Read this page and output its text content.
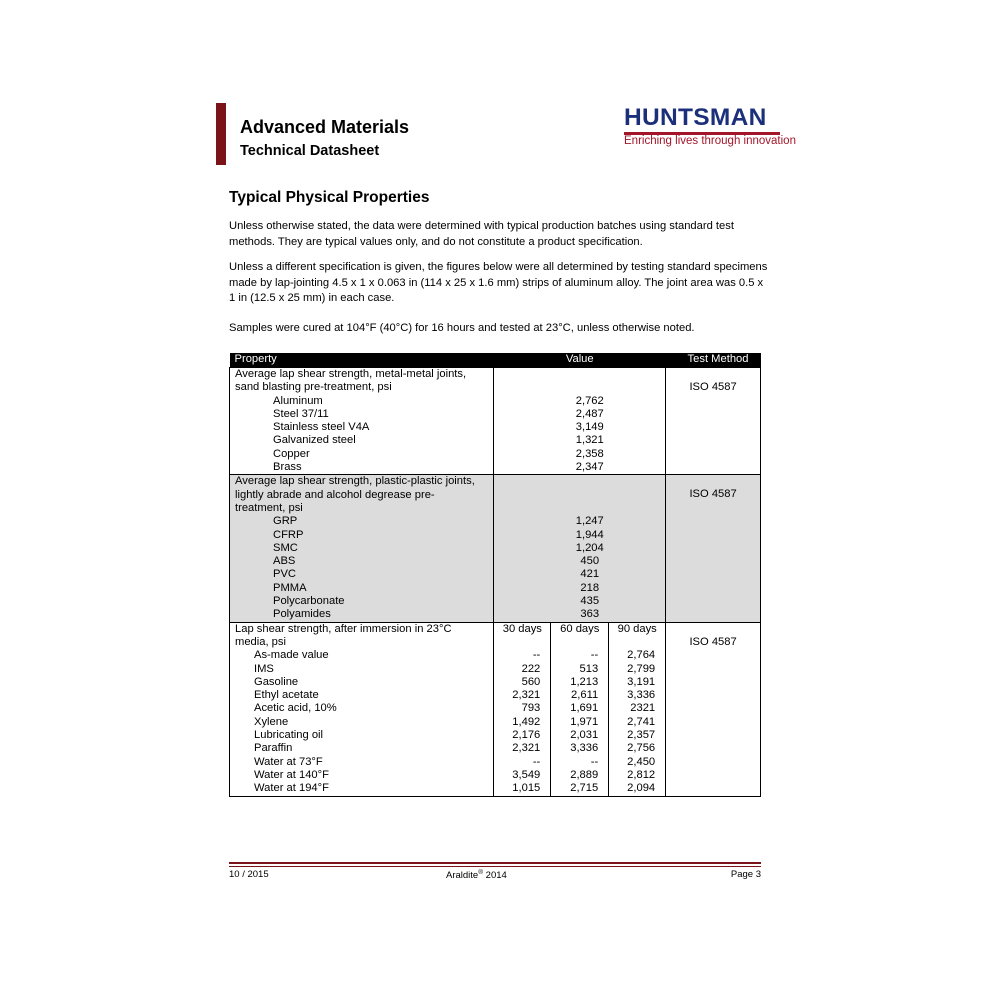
Advanced Materials
Technical Datasheet
HUNTSMAN
Enriching lives through innovation
Typical Physical Properties
Unless otherwise stated, the data were determined with typical production batches using standard test methods. They are typical values only, and do not constitute a product specification.
Unless a different specification is given, the figures below were all determined by testing standard specimens made by lap-jointing 4.5 x 1 x 0.063 in (114 x 25 x 1.6 mm) strips of aluminum alloy. The joint area was 0.5 x 1 in (12.5 x 25 mm) in each case.
Samples were cured at 104°F (40°C) for 16 hours and tested at 23°C, unless otherwise noted.
Property	Value			Test Method
Average lap shear strength, metal-metal joints,				ISO 4587
sand blasting pre-treatment, psi				
Aluminum	2,762			
Steel 37/11	2,487			
Stainless steel V4A	3,149			
Galvanized steel	1,321			
Copper	2,358			
Brass	2,347			
Average lap shear strength, plastic-plastic joints,				ISO 4587
lightly abrade and alcohol degrease pre-				
treatment, psi				
GRP	1,247			
CFRP	1,944			
SMC	1,204			
ABS	450			
PVC	421			
PMMA	218			
Polycarbonate	435			
Polyamides	363			
Lap shear strength, after immersion in 23°C	30 days	60 days	90 days	ISO 4587
media, psi				
As-made value	--	--	2,764	
IMS	222	513	2,799	
Gasoline	560	1,213	3,191	
Ethyl acetate	2,321	2,611	3,336	
Acetic acid, 10%	793	1,691	2321	
Xylene	1,492	1,971	2,741	
Lubricating oil	2,176	2,031	2,357	
Paraffin	2,321	3,336	2,756	
Water at 73°F	--	--	2,450	
Water at 140°F	3,549	2,889	2,812	
Water at 194°F	1,015	2,715	2,094	
10 / 2015	Araldite® 2014	Page 3
